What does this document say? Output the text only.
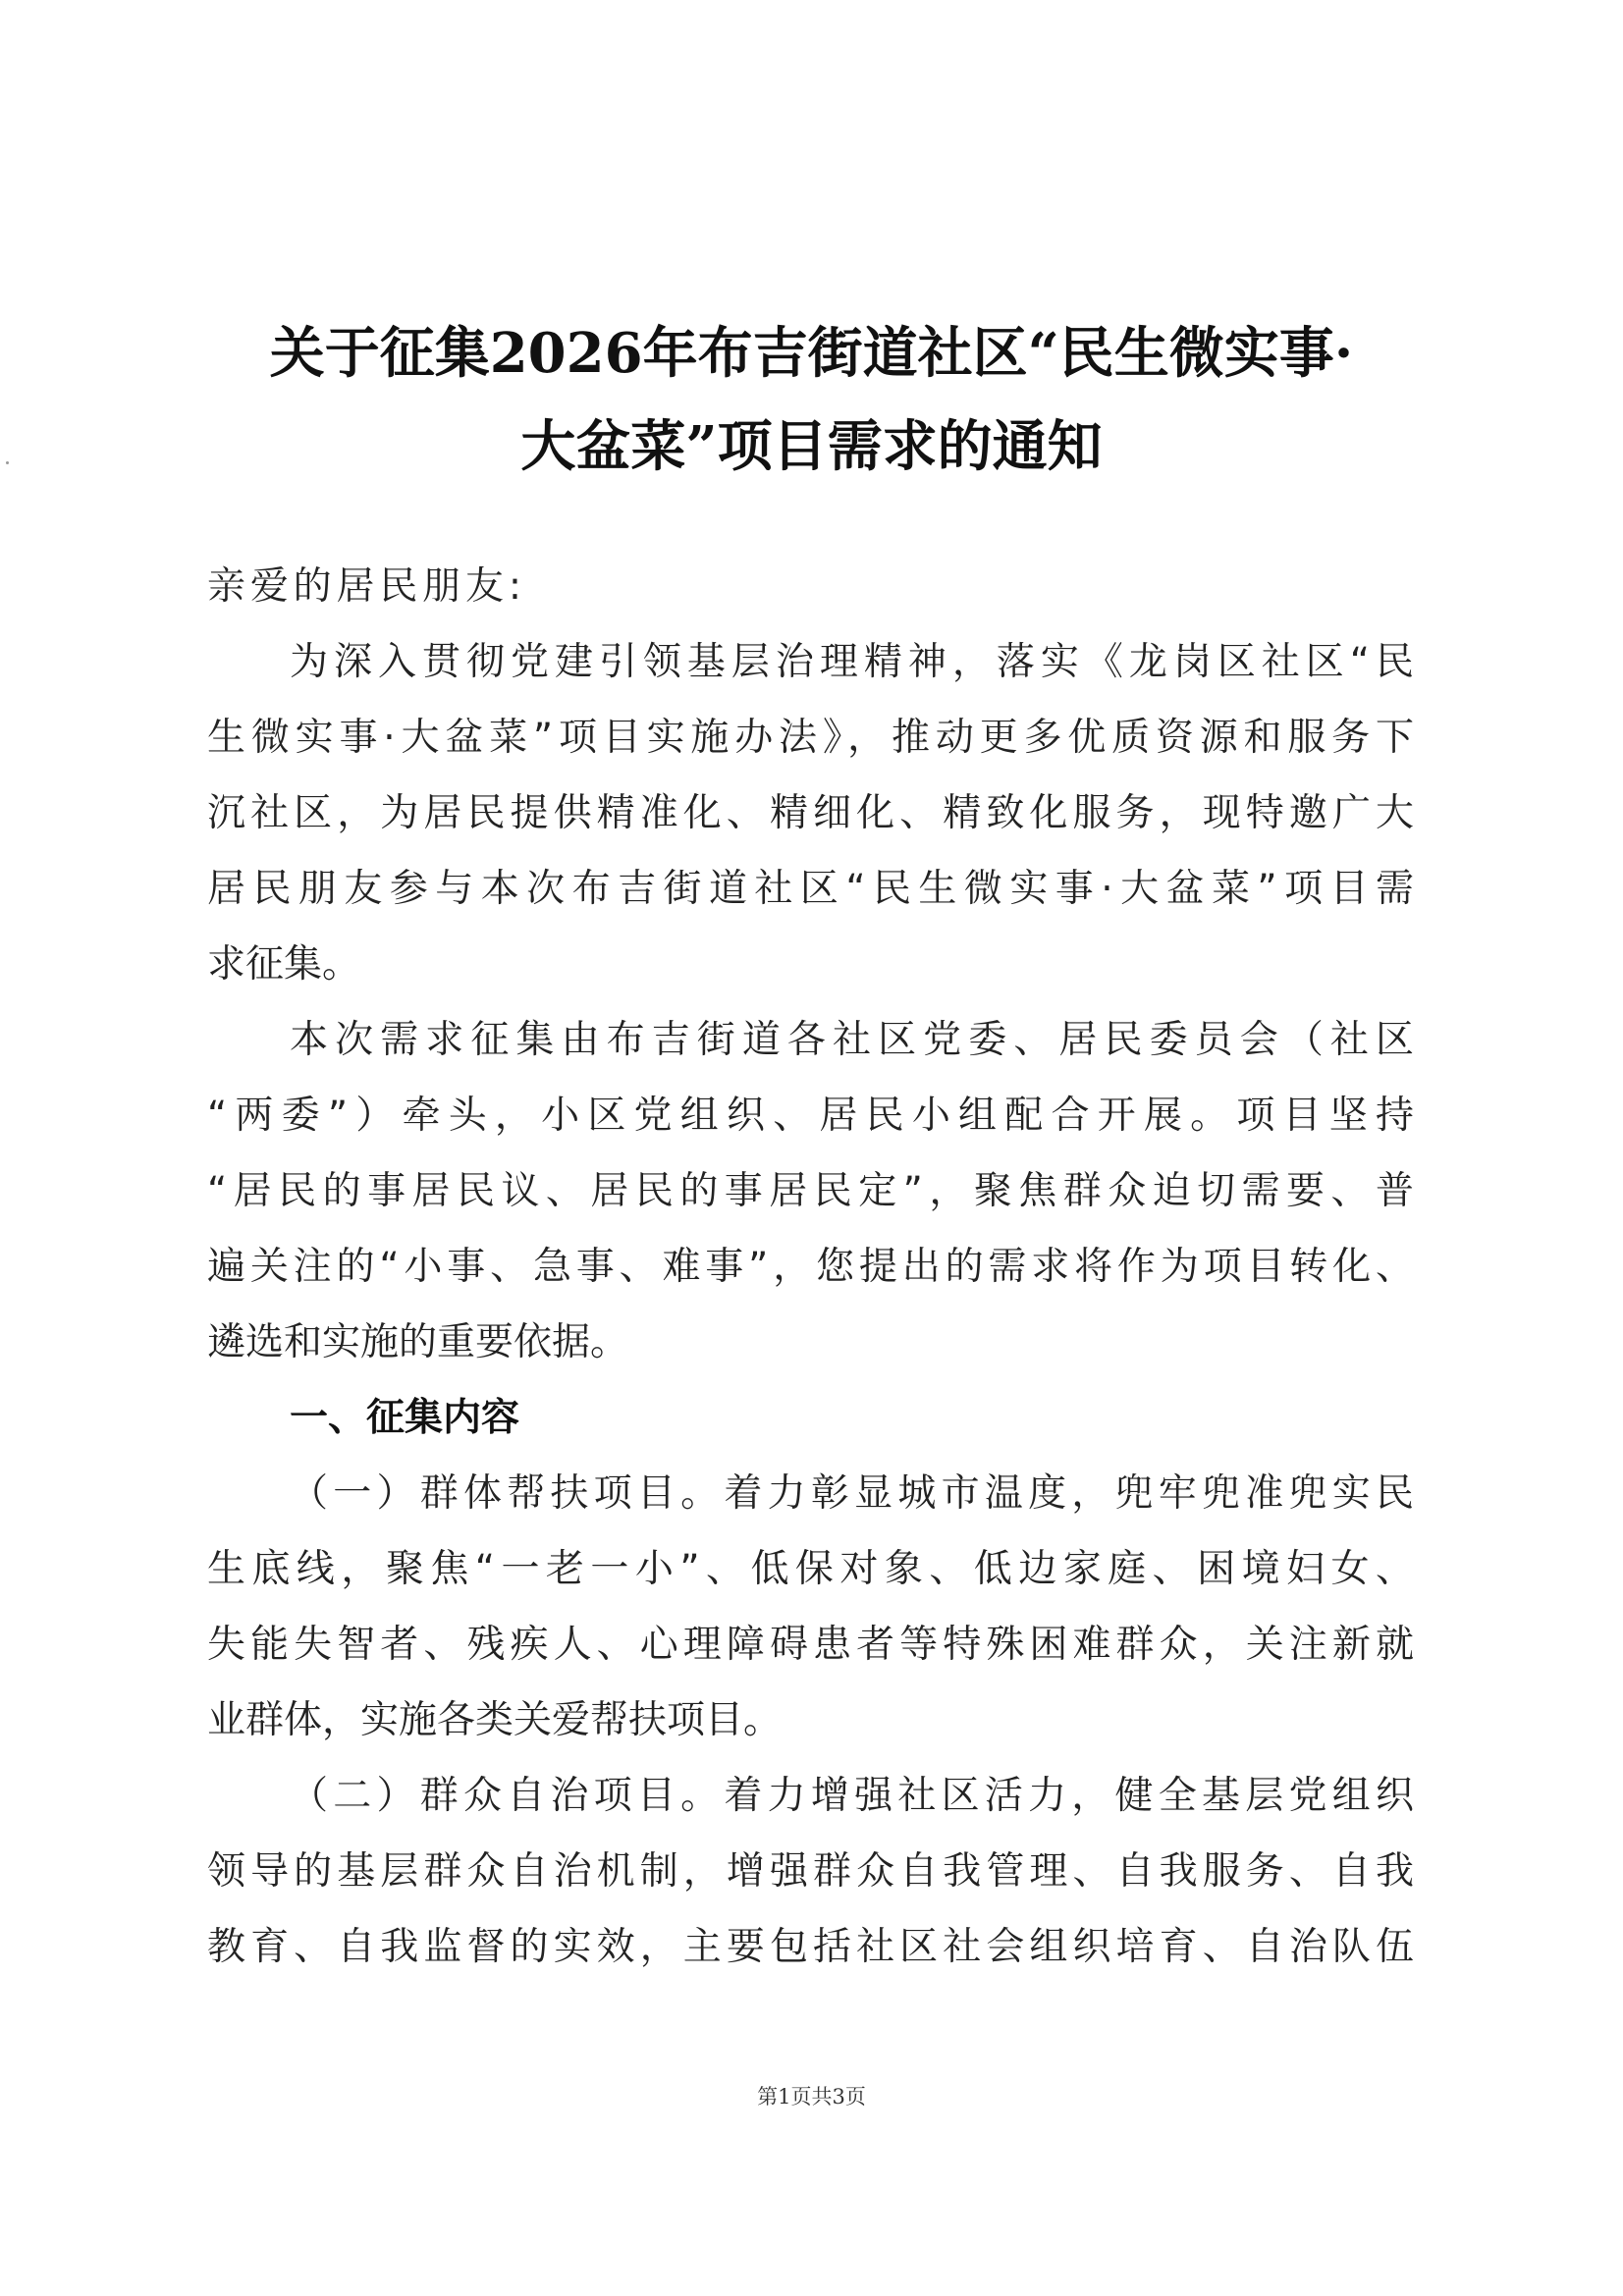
关于征集2026年布吉街道社区“民生微实事·
大盆菜”项目需求的通知
亲爱的居民朋友:
为深入贯彻党建引领基层治理精神，落实《龙岗区社区“民
生微实事·大盆菜”项目实施办法》，推动更多优质资源和服务下
沉社区，为居民提供精准化、精细化、精致化服务，现特邀广大
居民朋友参与本次布吉街道社区“民生微实事·大盆菜”项目需
求征集。
本次需求征集由布吉街道各社区党委、居民委员会（社区
“两委”）牵头，小区党组织、居民小组配合开展。项目坚持
“居民的事居民议、居民的事居民定”，聚焦群众迫切需要、普
遍关注的“小事、急事、难事”，您提出的需求将作为项目转化、
遴选和实施的重要依据。
一、征集内容
（一）群体帮扶项目。着力彰显城市温度，兜牢兜准兜实民
生底线，聚焦“一老一小”、低保对象、低边家庭、困境妇女、
失能失智者、残疾人、心理障碍患者等特殊困难群众，关注新就
业群体，实施各类关爱帮扶项目。
（二）群众自治项目。着力增强社区活力，健全基层党组织
领导的基层群众自治机制，增强群众自我管理、自我服务、自我
教育、自我监督的实效，主要包括社区社会组织培育、自治队伍
第1页共3页
